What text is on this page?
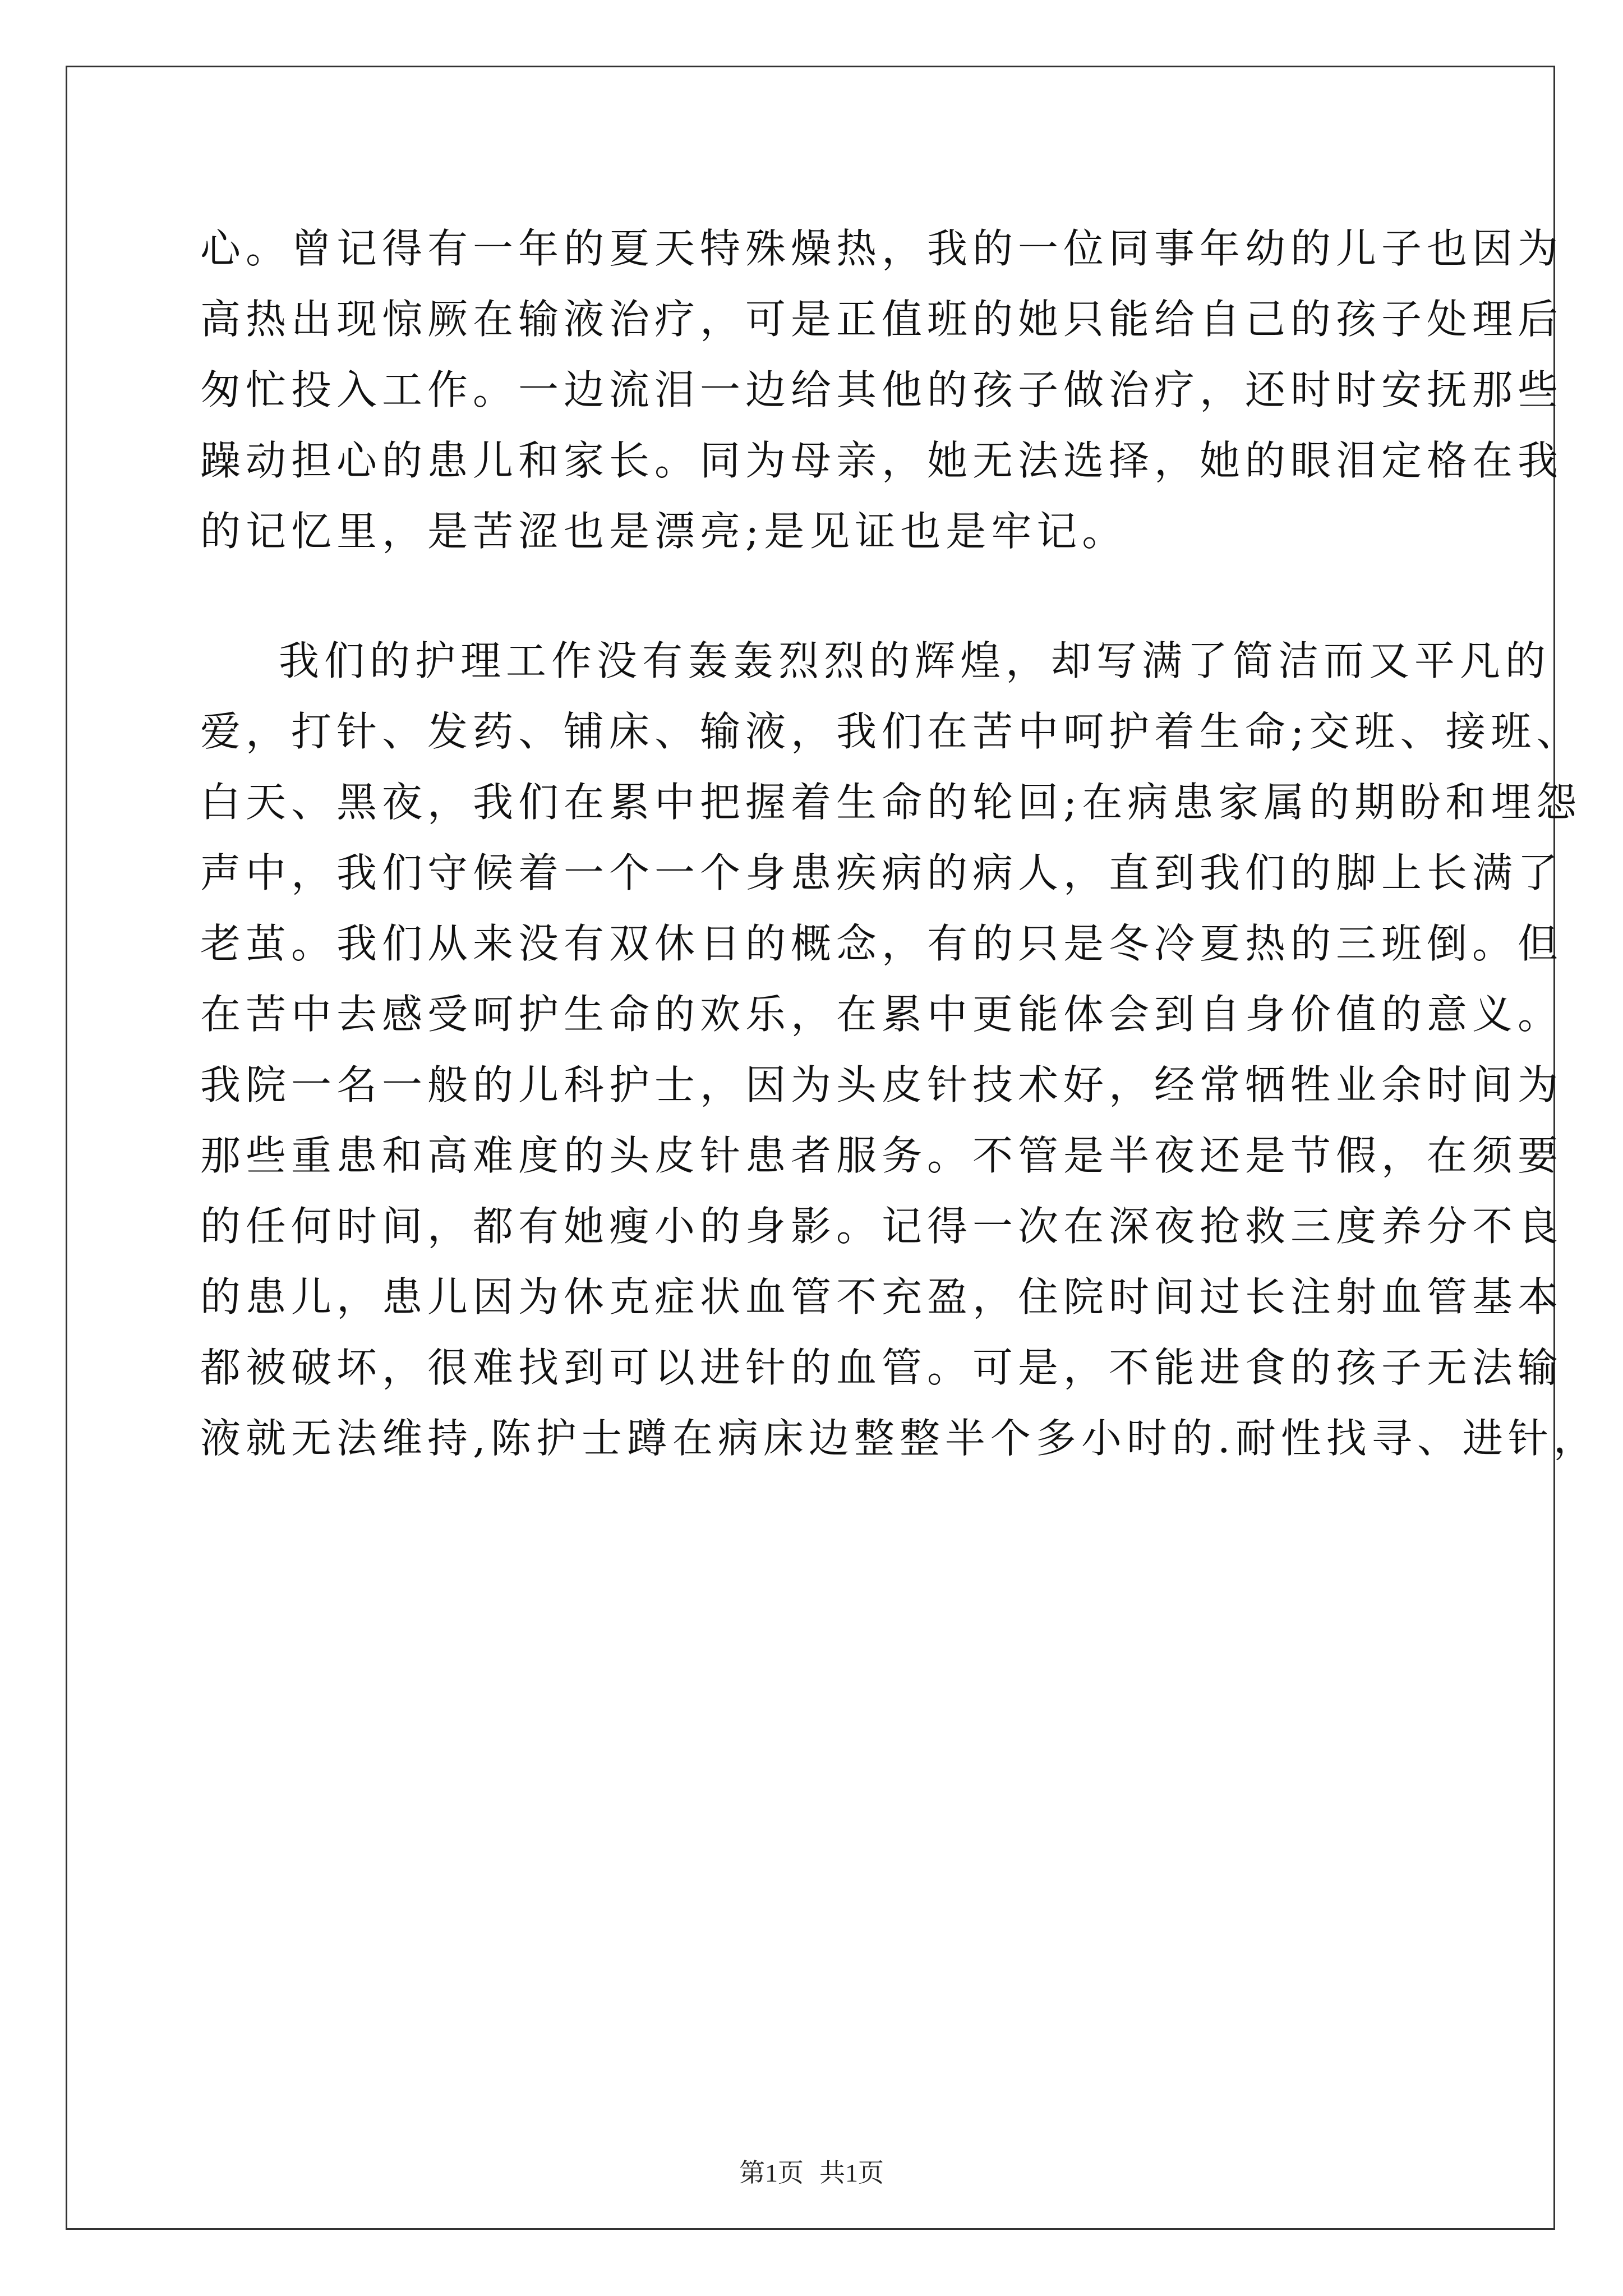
心。曾记得有一年的夏天特殊燥热，我的一位同事年幼的儿子也因为
高热出现惊厥在输液治疗，可是正值班的她只能给自己的孩子处理后
匆忙投入工作。一边流泪一边给其他的孩子做治疗，还时时安抚那些
躁动担心的患儿和家长。同为母亲，她无法选择，她的眼泪定格在我
的记忆里，是苦涩也是漂亮;是见证也是牢记。
我们的护理工作没有轰轰烈烈的辉煌，却写满了简洁而又平凡的
爱，打针、发药、铺床、输液，我们在苦中呵护着生命;交班、接班、
白天、黑夜，我们在累中把握着生命的轮回;在病患家属的期盼和埋怨
声中，我们守候着一个一个身患疾病的病人，直到我们的脚上长满了
老茧。我们从来没有双休日的概念，有的只是冬冷夏热的三班倒。但
在苦中去感受呵护生命的欢乐，在累中更能体会到自身价值的意义。
我院一名一般的儿科护士，因为头皮针技术好，经常牺牲业余时间为
那些重患和高难度的头皮针患者服务。不管是半夜还是节假，在须要
的任何时间，都有她瘦小的身影。记得一次在深夜抢救三度养分不良
的患儿，患儿因为休克症状血管不充盈，住院时间过长注射血管基本
都被破坏，很难找到可以进针的血管。可是，不能进食的孩子无法输
液就无法维持,陈护士蹲在病床边整整半个多小时的.耐性找寻、进针，
第1页 共1页
